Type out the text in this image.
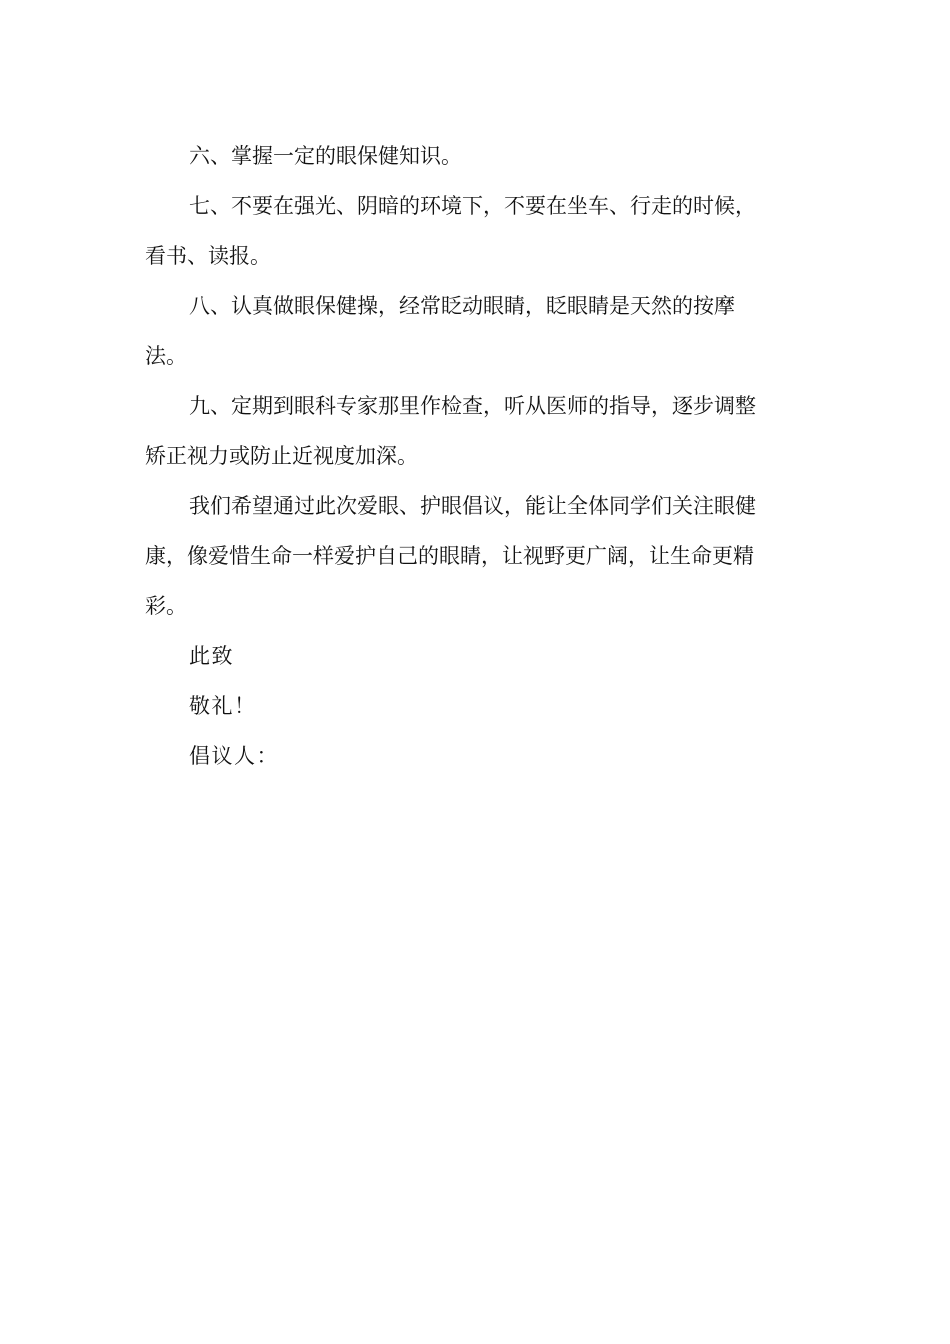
六、掌握一定的眼保健知识。
七、不要在强光、阴暗的环境下，不要在坐车、行走的时候，
看书、读报。
八、认真做眼保健操，经常眨动眼睛，眨眼睛是天然的按摩
法。
九、定期到眼科专家那里作检查，听从医师的指导，逐步调整
矫正视力或防止近视度加深。
我们希望通过此次爱眼、护眼倡议，能让全体同学们关注眼健
康，像爱惜生命一样爱护自己的眼睛，让视野更广阔，让生命更精
彩。

此致

敬礼！

倡议人：
